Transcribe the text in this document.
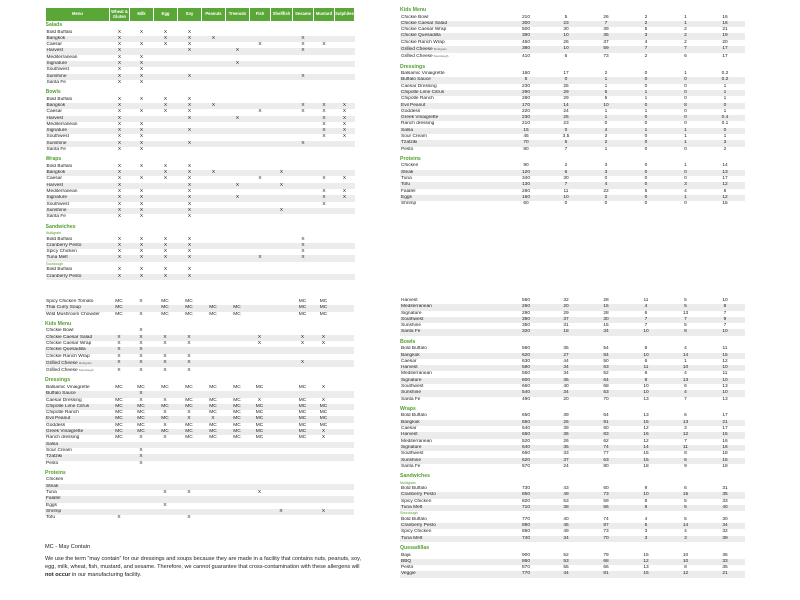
Menu	Wheat & Gluten	Milk	Egg	Soy	Peanuts	Treenuts	Fish	Shellfish	Sesame	Mustard	Sulphites
Salads											
Bold Buffalo	X	X	X	X							
Bangkok	X		X	X	X				X		
Caesar	X	X	X	X			X		X	X	
Harvest	X			X		X			X		
Mediterranean	X	X									
Signature	X	X				X					
Southwest	X	X									
Sunshine	X	X		X					X		
Santa Fe	X	X									

Bowls											
Bold Buffalo	X	X	X	X							
Bangkok	X		X	X	X				X	X	X
Caesar	X	X	X	X			X		X	X	X
Harvest	X			X		X				X	X
Mediterranean	X	X								X	X
Signature	X	X		X						X	X
Southwest	X	X								X	X
Sunshine	X	X		X					X		
Santa Fe	X	X									

Wraps											
Bold Buffalo	X	X	X	X							
Bangkok	X		X	X	X			X			
Caesar	X	X	X	X			X			X	X
Harvest	X			X		X		X			
Mediterranean	X	X		X						X	X
Signature	X	X		X		X				X	X
Southwest	X	X		X						X	
Sunshine	X	X		X				X			
Santa Fe	X	X		X							

Sandwiches											
Multigrain											
Bold Buffalo	X	X	X	X					X		
Cranberry Pesto	X	X	X	X					X		
Spicy Chicken	X	X	X	X					X		
Tuna Melt	X	X	X	X			X		X		
Sourdough											
Bold Buffalo	X	X	X	X							
Cranberry Pesto	X	X	X	X							
Spicy Chicken Tomato	MC	X	MC	MC					MC	MC	
Thai Curry Soup	MC		MC	MC	MC	MC			MC	MC	
Wild Mushroom Chowder	MC	X	MC	MC	MC	MC			MC	MC	

Kids Menu											
Chickie Bowl		X									
Chickie Caesar Salad	X	X	X	X			X		X	X	
Chickie Caesar Wrap	X	X	X	X			X		X	X	
Chickie Quesadilla	X	X									
Chickie Ranch Wrap	X	X	X	X							
Grilled CheeseMultigrain	X	X	X	X					X		
Grilled CheeseSourdough	X	X	X	X							

Dressings											
Balsamic Vinaigrette	MC	MC	MC	MC	MC	MC	MC		MC	X	
Buffalo Sauce		X									
Caesar Dressing	MC	X	X	MC	MC	MC	X		MC	X	
Chipotle Lime Citrus	MC	MC	MC	MC	MC	MC	MC		MC	MC	
Chipotle Ranch	MC	MC	X	X	MC	MC	MC		MC	MC	
Evil Peanut	MC	MC	MC	X	X	MC	MC		MC	MC	
Goddess	MC	MC	X	MC	MC	MC	MC		MC	MC	
Greek Vinaigrette	MC	MC	MC	MC	MC	MC	MC		MC	X	
Ranch dressing	MC	X	X	MC	MC	MC	MC		MC	X	
Salsa											
Sour Cream		X									
Tzatziki		X									
Pesto		X									

Proteins											
Chicken											
Steak											
Tuna			X	X			X				
Falafel											
Eggs			X								
Shrimp								X		X	
Tofu	X			X							
MC - May Contain
We use the term “may contain” for our dressings and soups because they are made in a facility that contains nuts, peanuts, soy, egg, milk, wheat, fish, mustard, and sesame. Therefore, we cannot guarantee that cross-contamination with these allergens will not occur in our manufacturing facility.
Kids Menu							
Chickie Bowl	210	5	26	2	1	16	
Chickie Caesar Salad	300	23	7	2	1	16	
Chickie Caesar Wrap	500	30	39	5	2	21	
Chickie Quesadilla	390	10	35	3	2	19	
Chickie Ranch Wrap	450	26	37	4	2	20	
Grilled CheeseMultigrain	380	10	59	7	7	17	
Grilled CheeseSourdough	410	6	73	2	6	17	

Dressings							
Balsamic Vinaigrette	160	17	2	0	1	0.2	
Buffalo Sauce	5	0	1	0	0	0.2	
Caesar Dressing	230	25	1	0	0	1	
Chipotle Lime Citrus	290	29	5	1	0	1	
Chipotle Ranch	280	29	5	1	0	1	
Evil Peanut	170	14	10	0	8	0	
Goddess	220	24	1	1	0	1	
Greek Vinaigrette	230	25	1	0	0	0.4	
Ranch dressing	210	23	0	0	0	0.1	
Salsa	15	0	4	1	1	0	
Sour Cream	45	3.5	2	0	1	1	
Tzatziki	70	5	2	0	1	3	
Pesto	80	7	1	0	0	2	

Proteins							
Chicken	90	2	3	0	1	14	
Steak	120	6	3	0	0	13	
Tuna	340	30	0	0	0	17	
Tofu	130	7	4	0	3	12	
Falafel	260	11	22	5	4	6	
Eggs	150	10	2	0	1	12	
Shrimp	60	0	0	0	0	15	
Harvest	550	32	28	11	5	10	
Mediterranean	260	20	15	4	5	8	
Signature	290	29	28	6	13	7	
Southwest	390	37	30	7	7	9	
Sunshine	350	31	15	7	5	7	
Santa Fe	320	18	34	10	8	10	

Bowls							
Bold Buffalo	560	35	54	8	4	11	
Bangkok	620	27	84	10	14	15	
Caesar	630	44	50	6	1	12	
Harvest	580	34	63	11	10	10	
Mediterranean	550	34	52	6	4	11	
Signature	600	35	64	8	13	10	
Southwest	660	40	68	10	6	13	
Sunshine	540	34	53	10	4	10	
Santa Fe	490	20	70	13	7	13	

Wraps							
Bold Buffalo	650	39	64	13	6	17	
Bangkok	650	26	91	15	13	21	
Caesar	640	39	60	12	3	17	
Harvest	660	36	83	16	12	15	
Mediterranean	520	26	62	12	7	16	
Signature	640	35	74	14	11	16	
Southwest	650	33	77	15	8	18	
Sunshine	620	37	63	15	6	15	
Santa Fe	570	24	80	18	9	18	

Sandwiches							
Multigrain							
Bold Buffalo	730	43	60	9	6	31	
Cranberry Pesto	850	49	73	10	15	35	
Spicy Chicken	820	53	59	8	5	33	
Tuna Melt	710	38	56	6	5	40	
Sourdough							
Bold Buffalo	770	40	74	4	5	30	
Cranberry Pesto	880	45	87	5	14	34	
Spicy Chicken	850	49	73	3	4	32	
Tuna Melt	740	34	70	3	3	39	

Quesadillas							
Baja	900	52	79	15	10	36	
BBQ	860	53	68	12	10	33	
Pesto	870	55	66	13	8	35	
Veggie	770	44	81	15	12	21	
